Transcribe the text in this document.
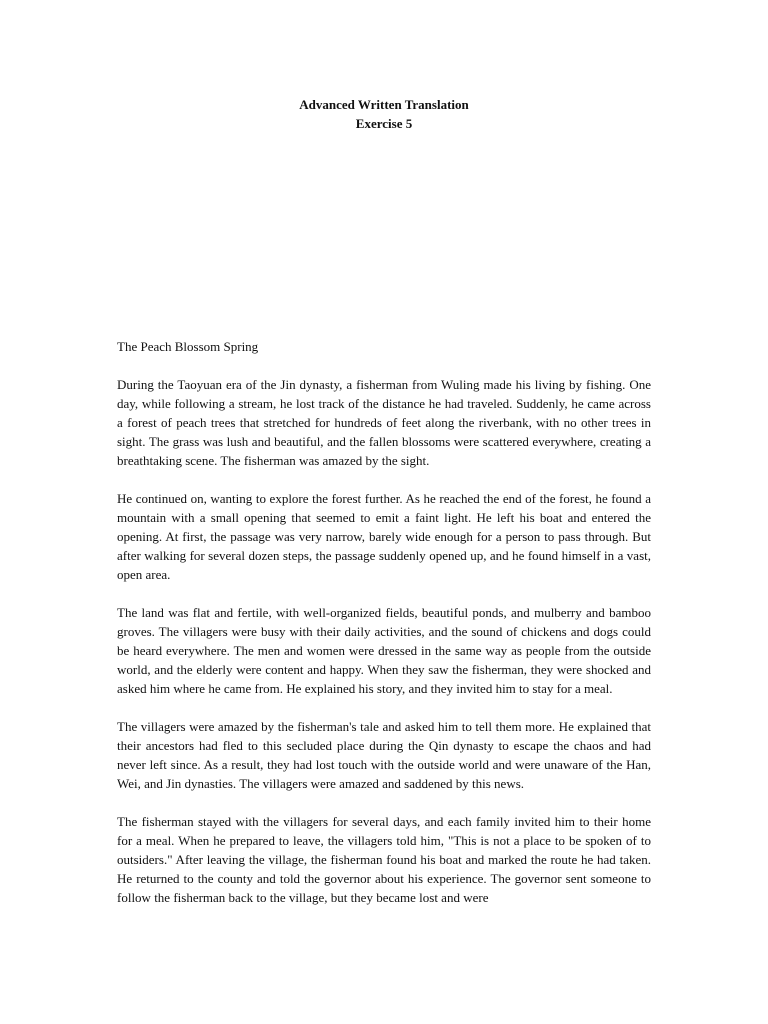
Advanced Written Translation
Exercise 5
The Peach Blossom Spring
During the Taoyuan era of the Jin dynasty, a fisherman from Wuling made his living by fishing. One day, while following a stream, he lost track of the distance he had traveled. Suddenly, he came across a forest of peach trees that stretched for hundreds of feet along the riverbank, with no other trees in sight. The grass was lush and beautiful, and the fallen blossoms were scattered everywhere, creating a breathtaking scene. The fisherman was amazed by the sight.
He continued on, wanting to explore the forest further. As he reached the end of the forest, he found a mountain with a small opening that seemed to emit a faint light. He left his boat and entered the opening. At first, the passage was very narrow, barely wide enough for a person to pass through. But after walking for several dozen steps, the passage suddenly opened up, and he found himself in a vast, open area.
The land was flat and fertile, with well-organized fields, beautiful ponds, and mulberry and bamboo groves. The villagers were busy with their daily activities, and the sound of chickens and dogs could be heard everywhere. The men and women were dressed in the same way as people from the outside world, and the elderly were content and happy. When they saw the fisherman, they were shocked and asked him where he came from. He explained his story, and they invited him to stay for a meal.
The villagers were amazed by the fisherman's tale and asked him to tell them more. He explained that their ancestors had fled to this secluded place during the Qin dynasty to escape the chaos and had never left since. As a result, they had lost touch with the outside world and were unaware of the Han, Wei, and Jin dynasties. The villagers were amazed and saddened by this news.
The fisherman stayed with the villagers for several days, and each family invited him to their home for a meal. When he prepared to leave, the villagers told him, "This is not a place to be spoken of to outsiders." After leaving the village, the fisherman found his boat and marked the route he had taken. He returned to the county and told the governor about his experience. The governor sent someone to follow the fisherman back to the village, but they became lost and were
